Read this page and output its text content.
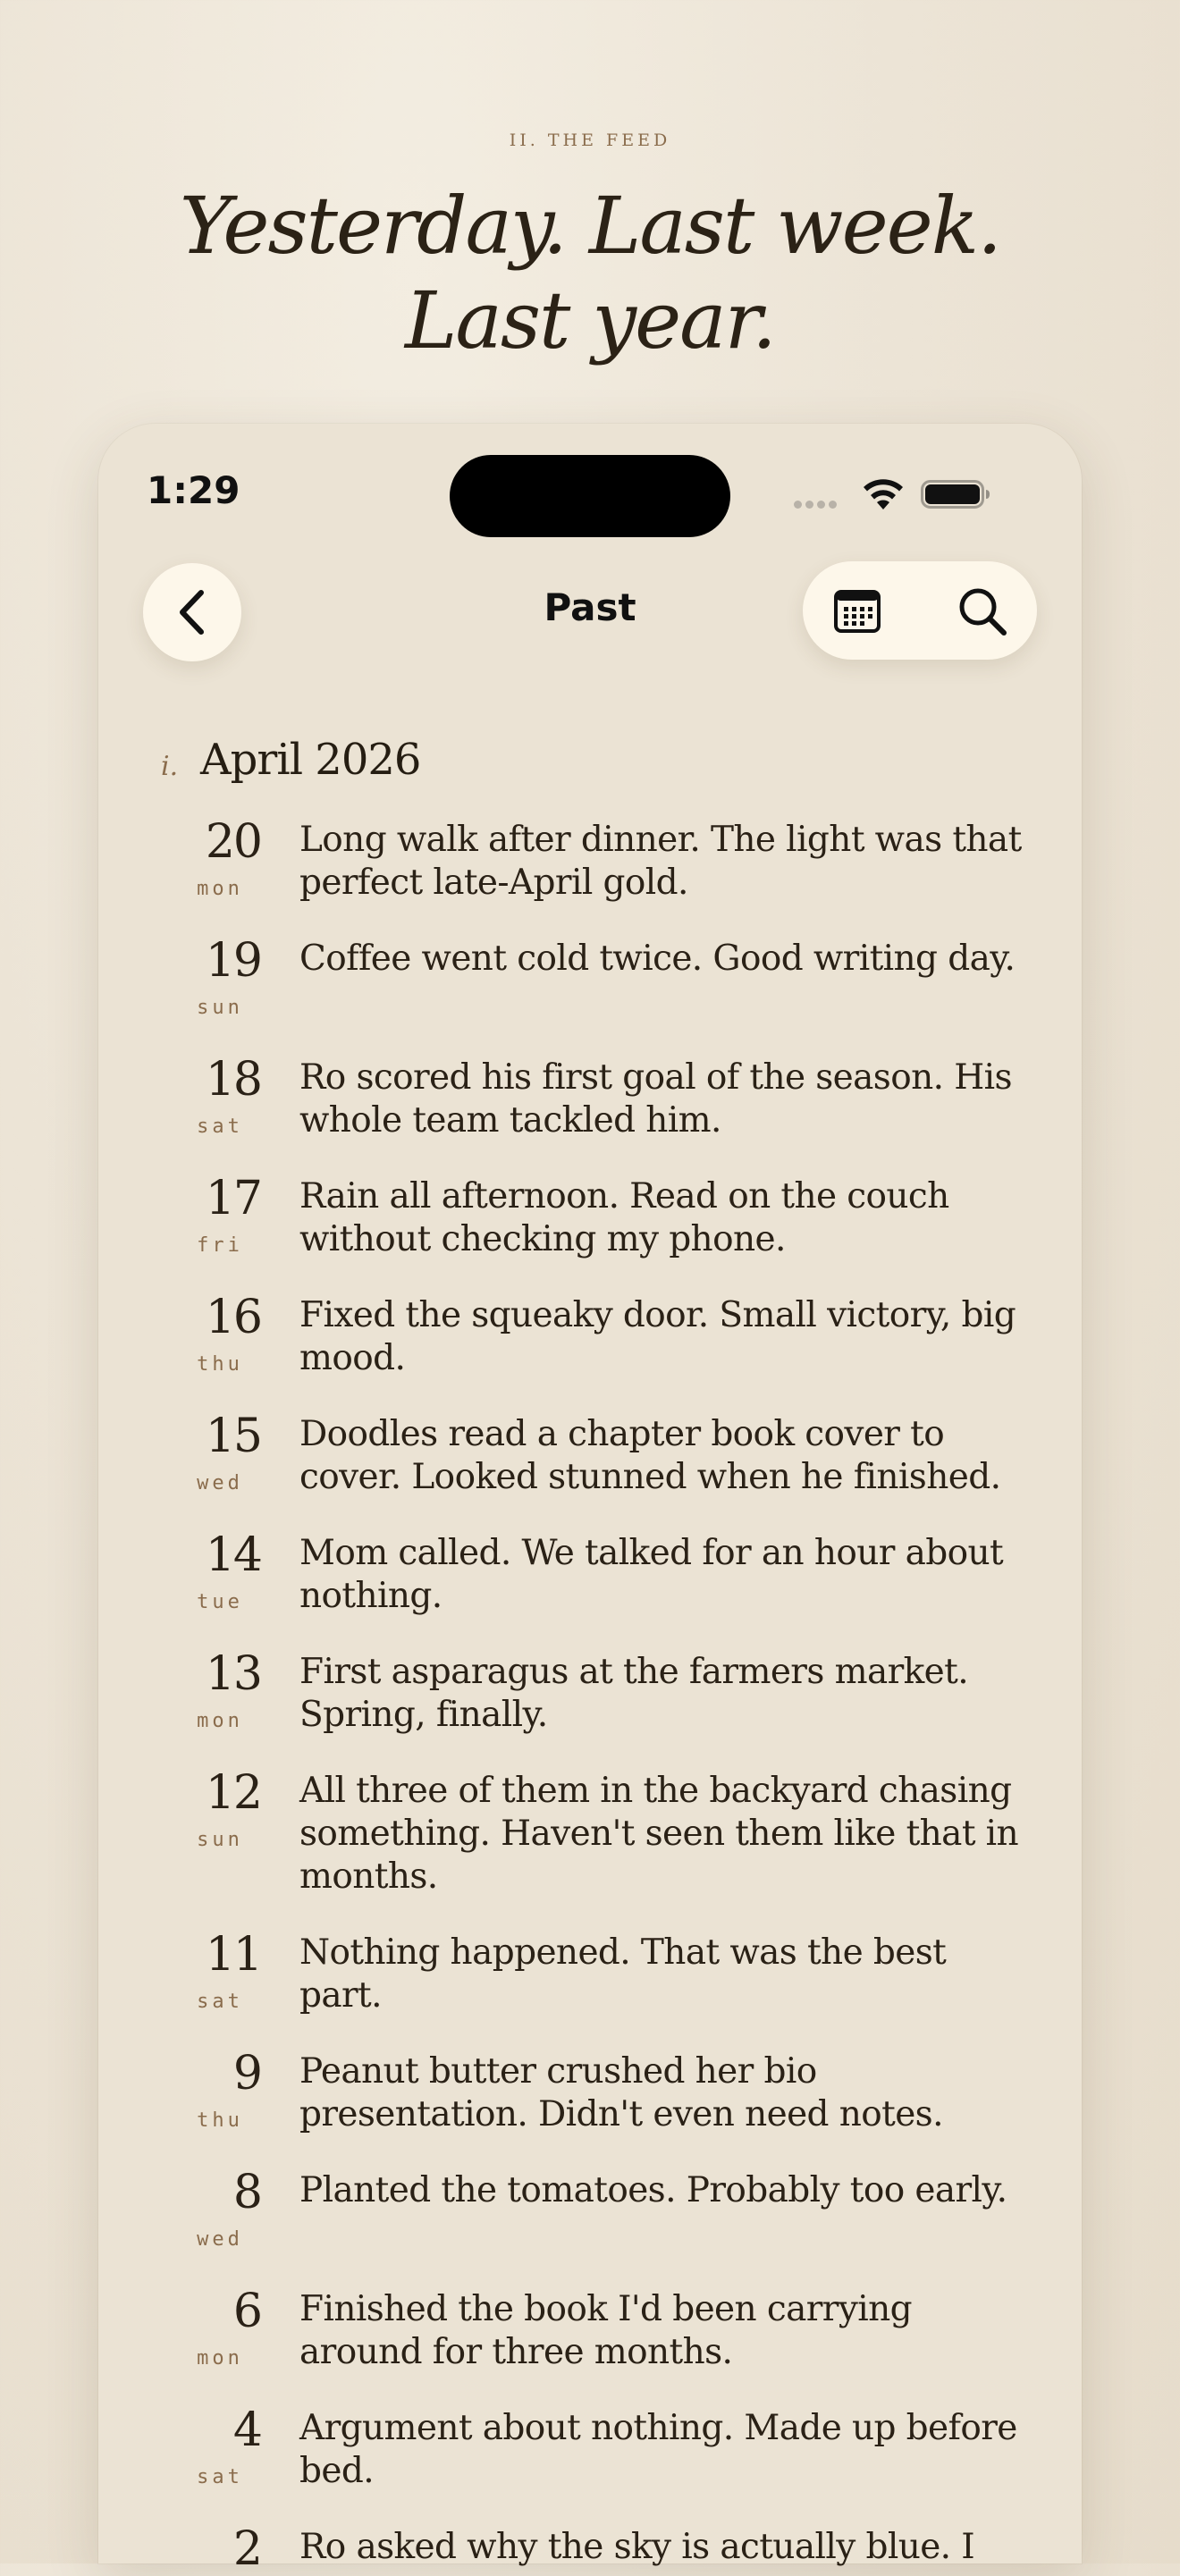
II. THE FEED
Yesterday. Last week.
Last year.
1:29
Past
i. April 2026
20
mon
Long walk after dinner. The light was that perfect late-April gold.
19
sun
Coffee went cold twice. Good writing day.
18
sat
Ro scored his first goal of the season. His whole team tackled him.
17
fri
Rain all afternoon. Read on the couch without checking my phone.
16
thu
Fixed the squeaky door. Small victory, big mood.
15
wed
Doodles read a chapter book cover to cover. Looked stunned when he finished.
14
tue
Mom called. We talked for an hour about nothing.
13
mon
First asparagus at the farmers market. Spring, finally.
12
sun
All three of them in the backyard chasing something. Haven't seen them like that in months.
11
sat
Nothing happened. That was the best part.
9
thu
Peanut butter crushed her bio presentation. Didn't even need notes.
8
wed
Planted the tomatoes. Probably too early.
6
mon
Finished the book I'd been carrying around for three months.
4
sat
Argument about nothing. Made up before bed.
2 Ro asked why the sky is actually blue. I
